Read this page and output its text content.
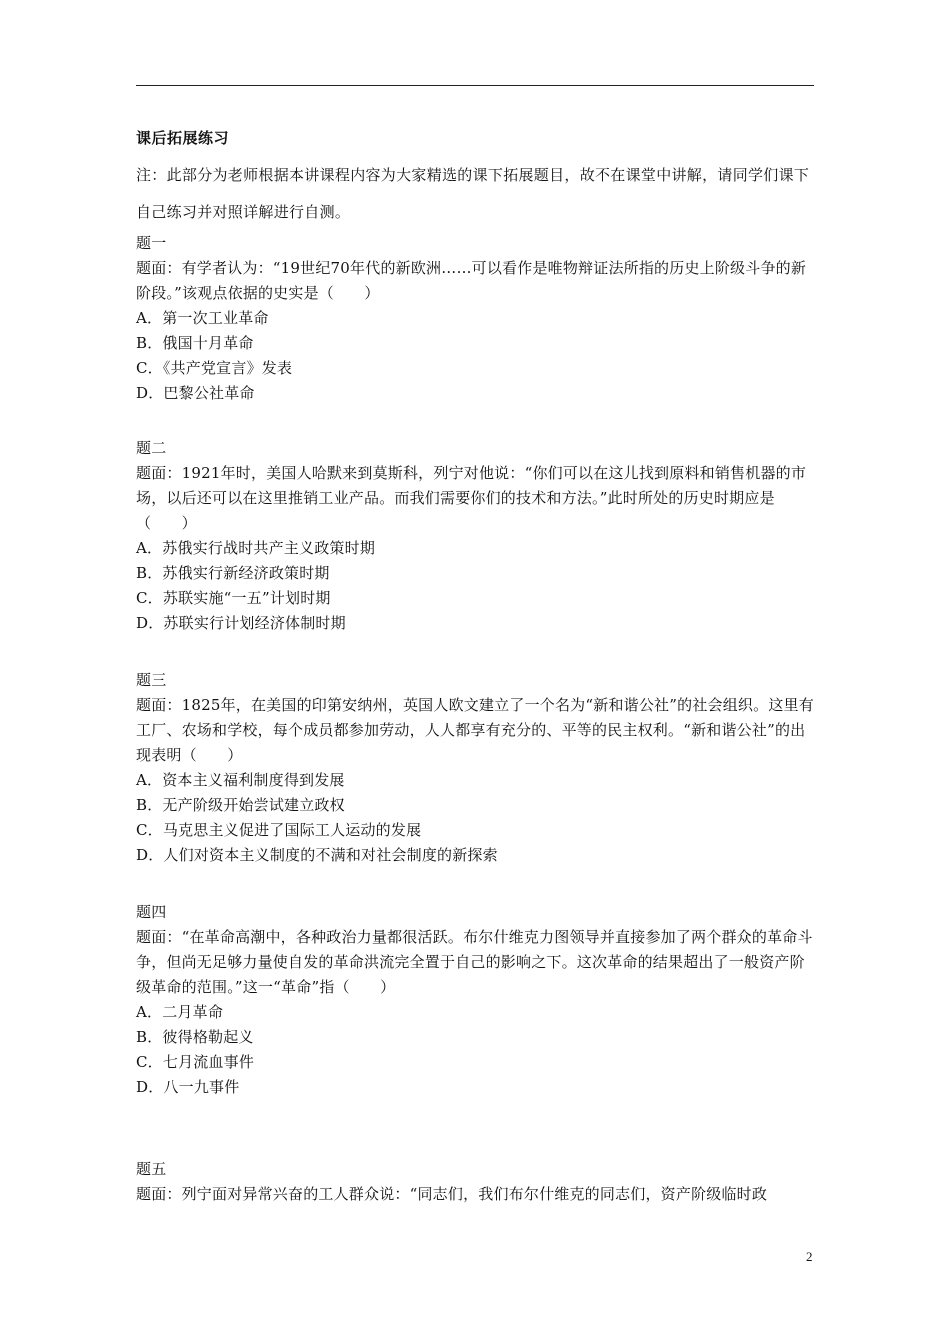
课后拓展练习
注：此部分为老师根据本讲课程内容为大家精选的课下拓展题目，故不在课堂中讲解，请同学们课下自己练习并对照详解进行自测。
题一
题面：有学者认为：“19世纪70年代的新欧洲……可以看作是唯物辩证法所指的历史上阶级斗争的新阶段。”该观点依据的史实是（　　）
A．第一次工业革命
B．俄国十月革命
C．《共产党宣言》发表
D．巴黎公社革命
题二
题面：1921年时，美国人哈默来到莫斯科，列宁对他说：“你们可以在这儿找到原料和销售机器的市场，以后还可以在这里推销工业产品。而我们需要你们的技术和方法。”此时所处的历史时期应是（　　）
A．苏俄实行战时共产主义政策时期
B．苏俄实行新经济政策时期
C．苏联实施“一五”计划时期
D．苏联实行计划经济体制时期
题三
题面：1825年，在美国的印第安纳州，英国人欧文建立了一个名为“新和谐公社”的社会组织。这里有工厂、农场和学校，每个成员都参加劳动，人人都享有充分的、平等的民主权利。“新和谐公社”的出现表明（　　）
A．资本主义福利制度得到发展
B．无产阶级开始尝试建立政权
C．马克思主义促进了国际工人运动的发展
D．人们对资本主义制度的不满和对社会制度的新探索
题四
题面：“在革命高潮中，各种政治力量都很活跃。布尔什维克力图领导并直接参加了两个群众的革命斗争，但尚无足够力量使自发的革命洪流完全置于自己的影响之下。这次革命的结果超出了一般资产阶级革命的范围。”这一“革命”指（　　）
A．二月革命
B．彼得格勒起义
C．七月流血事件
D．八一九事件
题五
题面：列宁面对异常兴奋的工人群众说：“同志们，我们布尔什维克的同志们，资产阶级临时政
2
